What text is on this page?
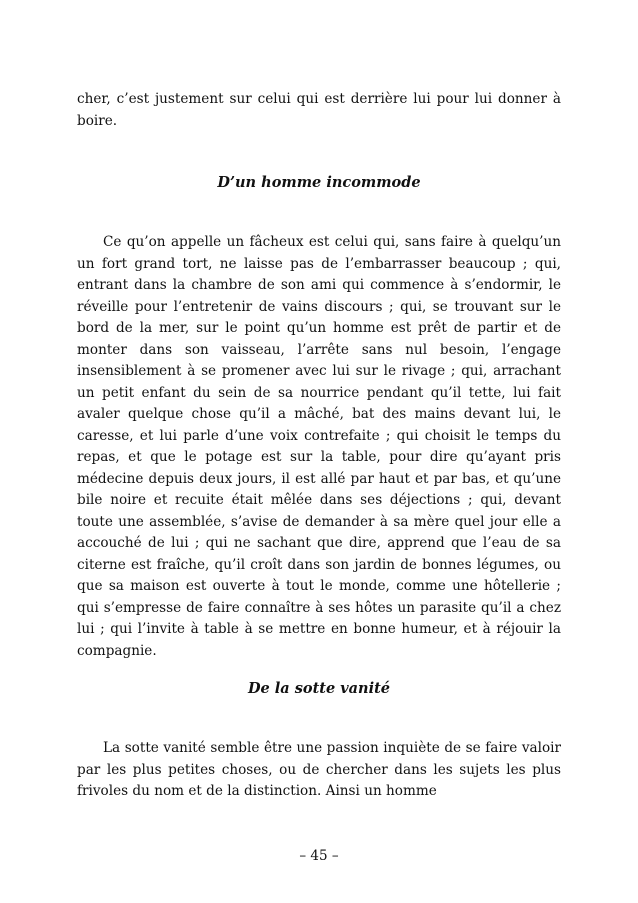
cher, c’est justement sur celui qui est derrière lui pour lui donner à boire.

D’un homme incommode

Ce qu’on appelle un fâcheux est celui qui, sans faire à quelqu’un un fort grand tort, ne laisse pas de l’embarrasser beaucoup ; qui, entrant dans la chambre de son ami qui commence à s’endormir, le réveille pour l’entretenir de vains discours ; qui, se trouvant sur le bord de la mer, sur le point qu’un homme est prêt de partir et de monter dans son vaisseau, l’arrête sans nul besoin, l’engage insensiblement à se promener avec lui sur le rivage ; qui, arrachant un petit enfant du sein de sa nourrice pendant qu’il tette, lui fait avaler quelque chose qu’il a mâché, bat des mains devant lui, le caresse, et lui parle d’une voix contrefaite ; qui choisit le temps du repas, et que le potage est sur la table, pour dire qu’ayant pris médecine depuis deux jours, il est allé par haut et par bas, et qu’une bile noire et recuite était mêlée dans ses déjections ; qui, devant toute une assemblée, s’avise de demander à sa mère quel jour elle a accouché de lui ; qui ne sachant que dire, apprend que l’eau de sa citerne est fraîche, qu’il croît dans son jardin de bonnes légumes, ou que sa maison est ouverte à tout le monde, comme une hôtellerie ; qui s’empresse de faire connaître à ses hôtes un parasite qu’il a chez lui ; qui l’invite à table à se mettre en bonne humeur, et à réjouir la compagnie.

De la sotte vanité

La sotte vanité semble être une passion inquiète de se faire valoir par les plus petites choses, ou de chercher dans les sujets les plus frivoles du nom et de la distinction. Ainsi un homme

– 45 –
